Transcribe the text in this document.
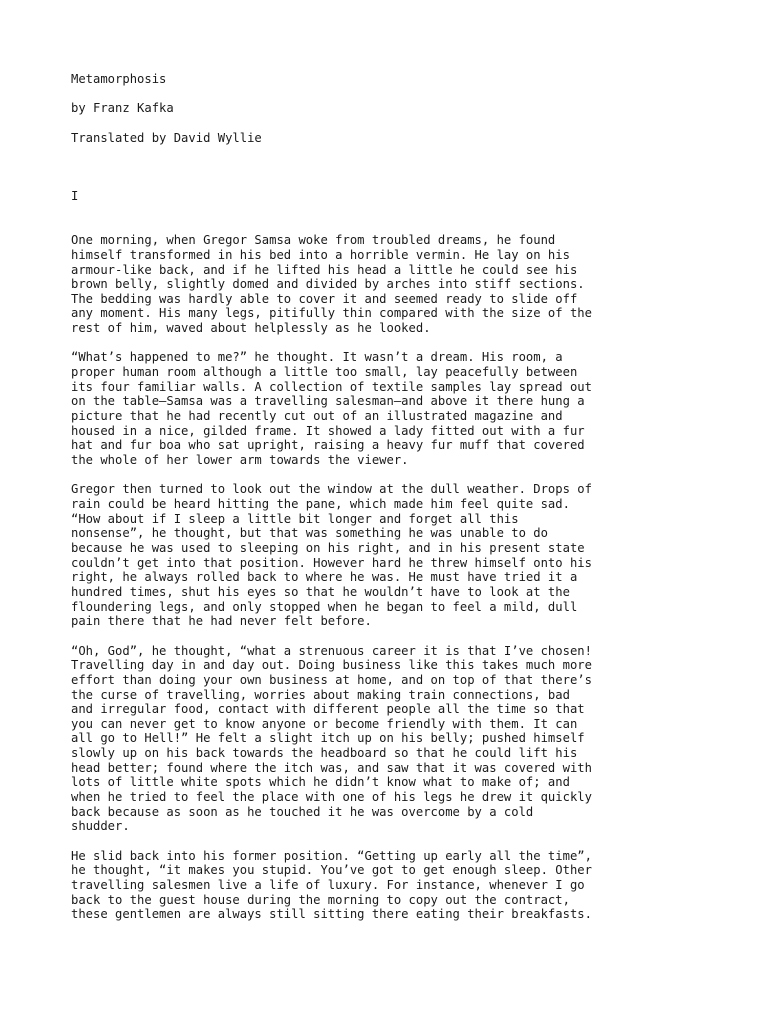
Metamorphosis

by Franz Kafka

Translated by David Wyllie

I

One morning, when Gregor Samsa woke from troubled dreams, he found

himself transformed in his bed into a horrible vermin. He lay on his

armour-like back, and if he lifted his head a little he could see his

brown belly, slightly domed and divided by arches into stiff sections.

The bedding was hardly able to cover it and seemed ready to slide off

any moment. His many legs, pitifully thin compared with the size of the

rest of him, waved about helplessly as he looked.

“What’s happened to me?” he thought. It wasn’t a dream. His room, a

proper human room although a little too small, lay peacefully between

its four familiar walls. A collection of textile samples lay spread out

on the table—Samsa was a travelling salesman—and above it there hung a

picture that he had recently cut out of an illustrated magazine and

housed in a nice, gilded frame. It showed a lady fitted out with a fur

hat and fur boa who sat upright, raising a heavy fur muff that covered

the whole of her lower arm towards the viewer.

Gregor then turned to look out the window at the dull weather. Drops of

rain could be heard hitting the pane, which made him feel quite sad.

“How about if I sleep a little bit longer and forget all this

nonsense”, he thought, but that was something he was unable to do

because he was used to sleeping on his right, and in his present state

couldn’t get into that position. However hard he threw himself onto his

right, he always rolled back to where he was. He must have tried it a

hundred times, shut his eyes so that he wouldn’t have to look at the

floundering legs, and only stopped when he began to feel a mild, dull

pain there that he had never felt before.

“Oh, God”, he thought, “what a strenuous career it is that I’ve chosen!

Travelling day in and day out. Doing business like this takes much more

effort than doing your own business at home, and on top of that there’s

the curse of travelling, worries about making train connections, bad

and irregular food, contact with different people all the time so that

you can never get to know anyone or become friendly with them. It can

all go to Hell!” He felt a slight itch up on his belly; pushed himself

slowly up on his back towards the headboard so that he could lift his

head better; found where the itch was, and saw that it was covered with

lots of little white spots which he didn’t know what to make of; and

when he tried to feel the place with one of his legs he drew it quickly

back because as soon as he touched it he was overcome by a cold

shudder.

He slid back into his former position. “Getting up early all the time”,

he thought, “it makes you stupid. You’ve got to get enough sleep. Other

travelling salesmen live a life of luxury. For instance, whenever I go

back to the guest house during the morning to copy out the contract,

these gentlemen are always still sitting there eating their breakfasts.
